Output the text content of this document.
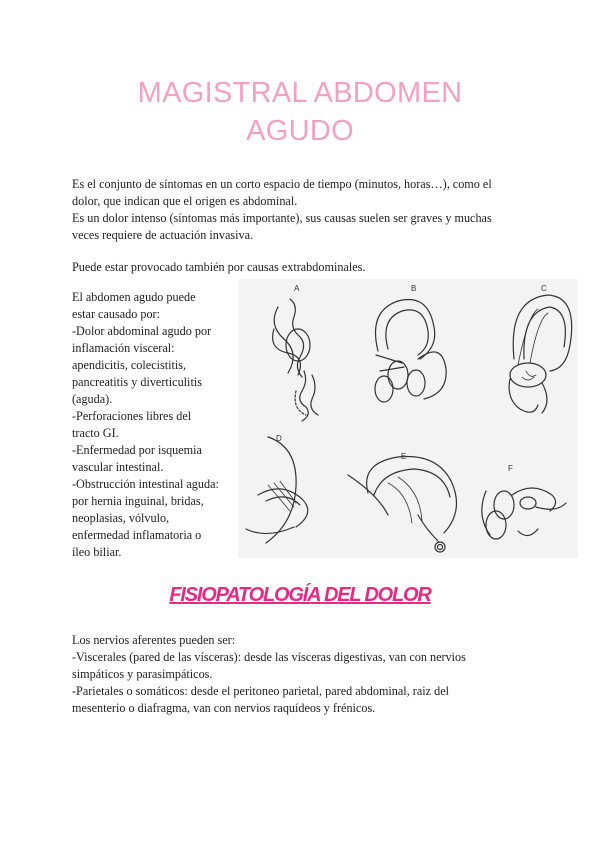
MAGISTRAL ABDOMEN
AGUDO
Es el conjunto de síntomas en un corto espacio de tiempo (minutos, horas…), como el
dolor, que indican que el origen es abdominal.
Es un dolor intenso (síntomas más importante), sus causas suelen ser graves y muchas
veces requiere de actuación invasiva.
Puede estar provocado también por causas extrabdominales.
El abdomen agudo puede
estar causado por:
-Dolor abdominal agudo por
inflamación visceral:
apendicitis, colecistitis,
pancreatitis y diverticulitis
(aguda).
-Perforaciones libres del
tracto GI.
-Enfermedad por isquemia
vascular intestinal.
-Obstrucción intestinal aguda:
por hernia inguinal, bridas,
neoplasias, vólvulo,
enfermedad inflamatoria o
íleo biliar.
A	B	C
D
E
F
FISIOPATOLOGÍA DEL DOLOR
Los nervios aferentes pueden ser:
-Viscerales (pared de las vísceras): desde las vísceras digestivas, van con nervios
simpáticos y parasimpáticos.
-Parietales o somáticos: desde el peritoneo parietal, pared abdominal, raiz del
mesenterio o diafragma, van con nervios raquídeos y frénicos.
